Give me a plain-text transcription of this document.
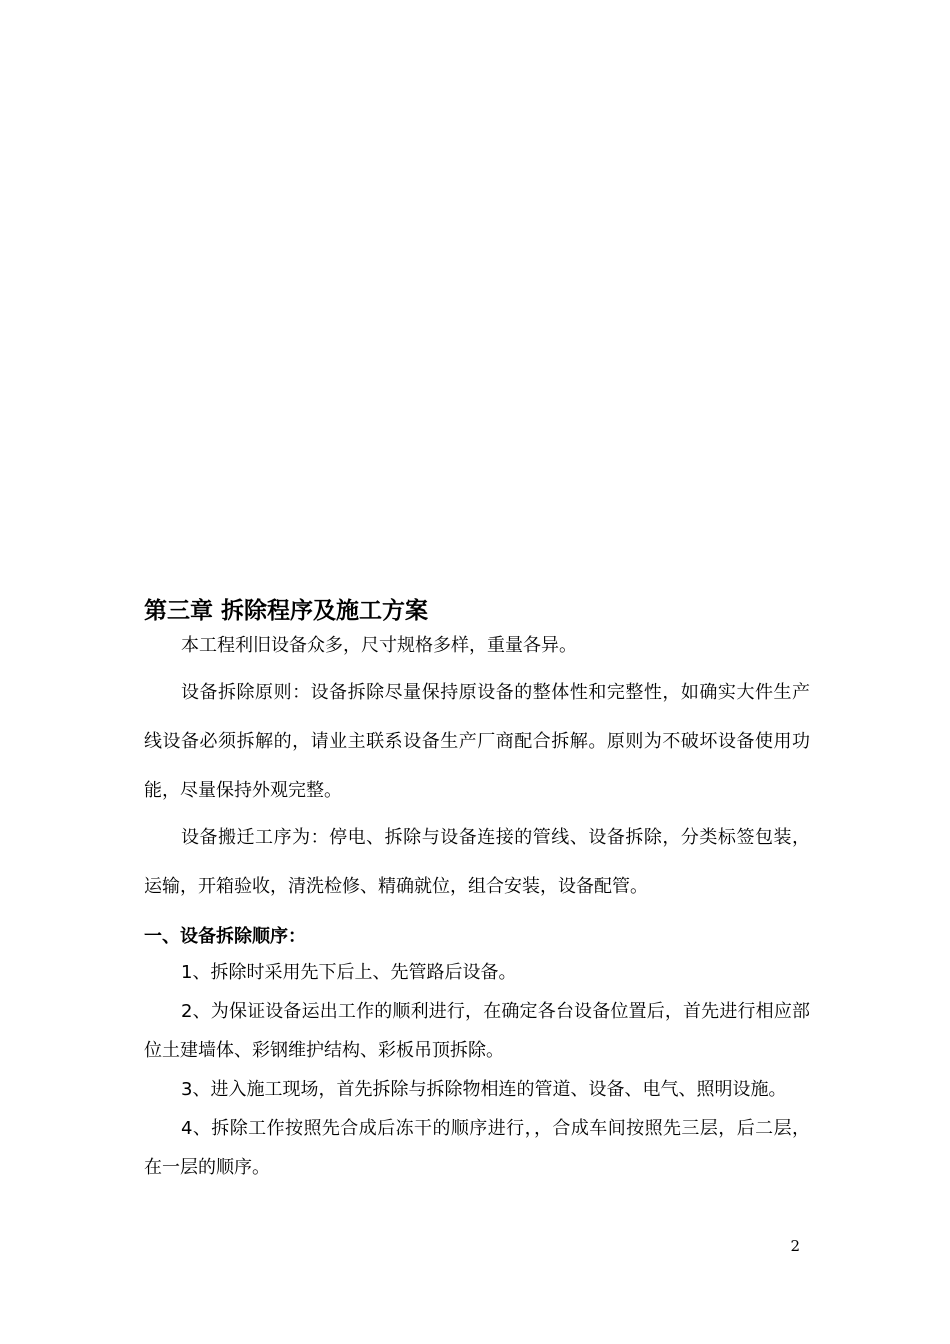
第三章 拆除程序及施工方案

本工程利旧设备众多，尺寸规格多样，重量各异。

设备拆除原则：设备拆除尽量保持原设备的整体性和完整性，如确实大件生产线设备必须拆解的，请业主联系设备生产厂商配合拆解。原则为不破坏设备使用功能，尽量保持外观完整。

设备搬迁工序为：停电、拆除与设备连接的管线、设备拆除，分类标签包装，运输，开箱验收，清洗检修、精确就位，组合安装，设备配管。

一、设备拆除顺序：

1、拆除时采用先下后上、先管路后设备。

2、为保证设备运出工作的顺利进行，在确定各台设备位置后，首先进行相应部位土建墙体、彩钢维护结构、彩板吊顶拆除。

3、进入施工现场，首先拆除与拆除物相连的管道、设备、电气、照明设施。

4、拆除工作按照先合成后冻干的顺序进行，，合成车间按照先三层，后二层，在一层的顺序。

2
